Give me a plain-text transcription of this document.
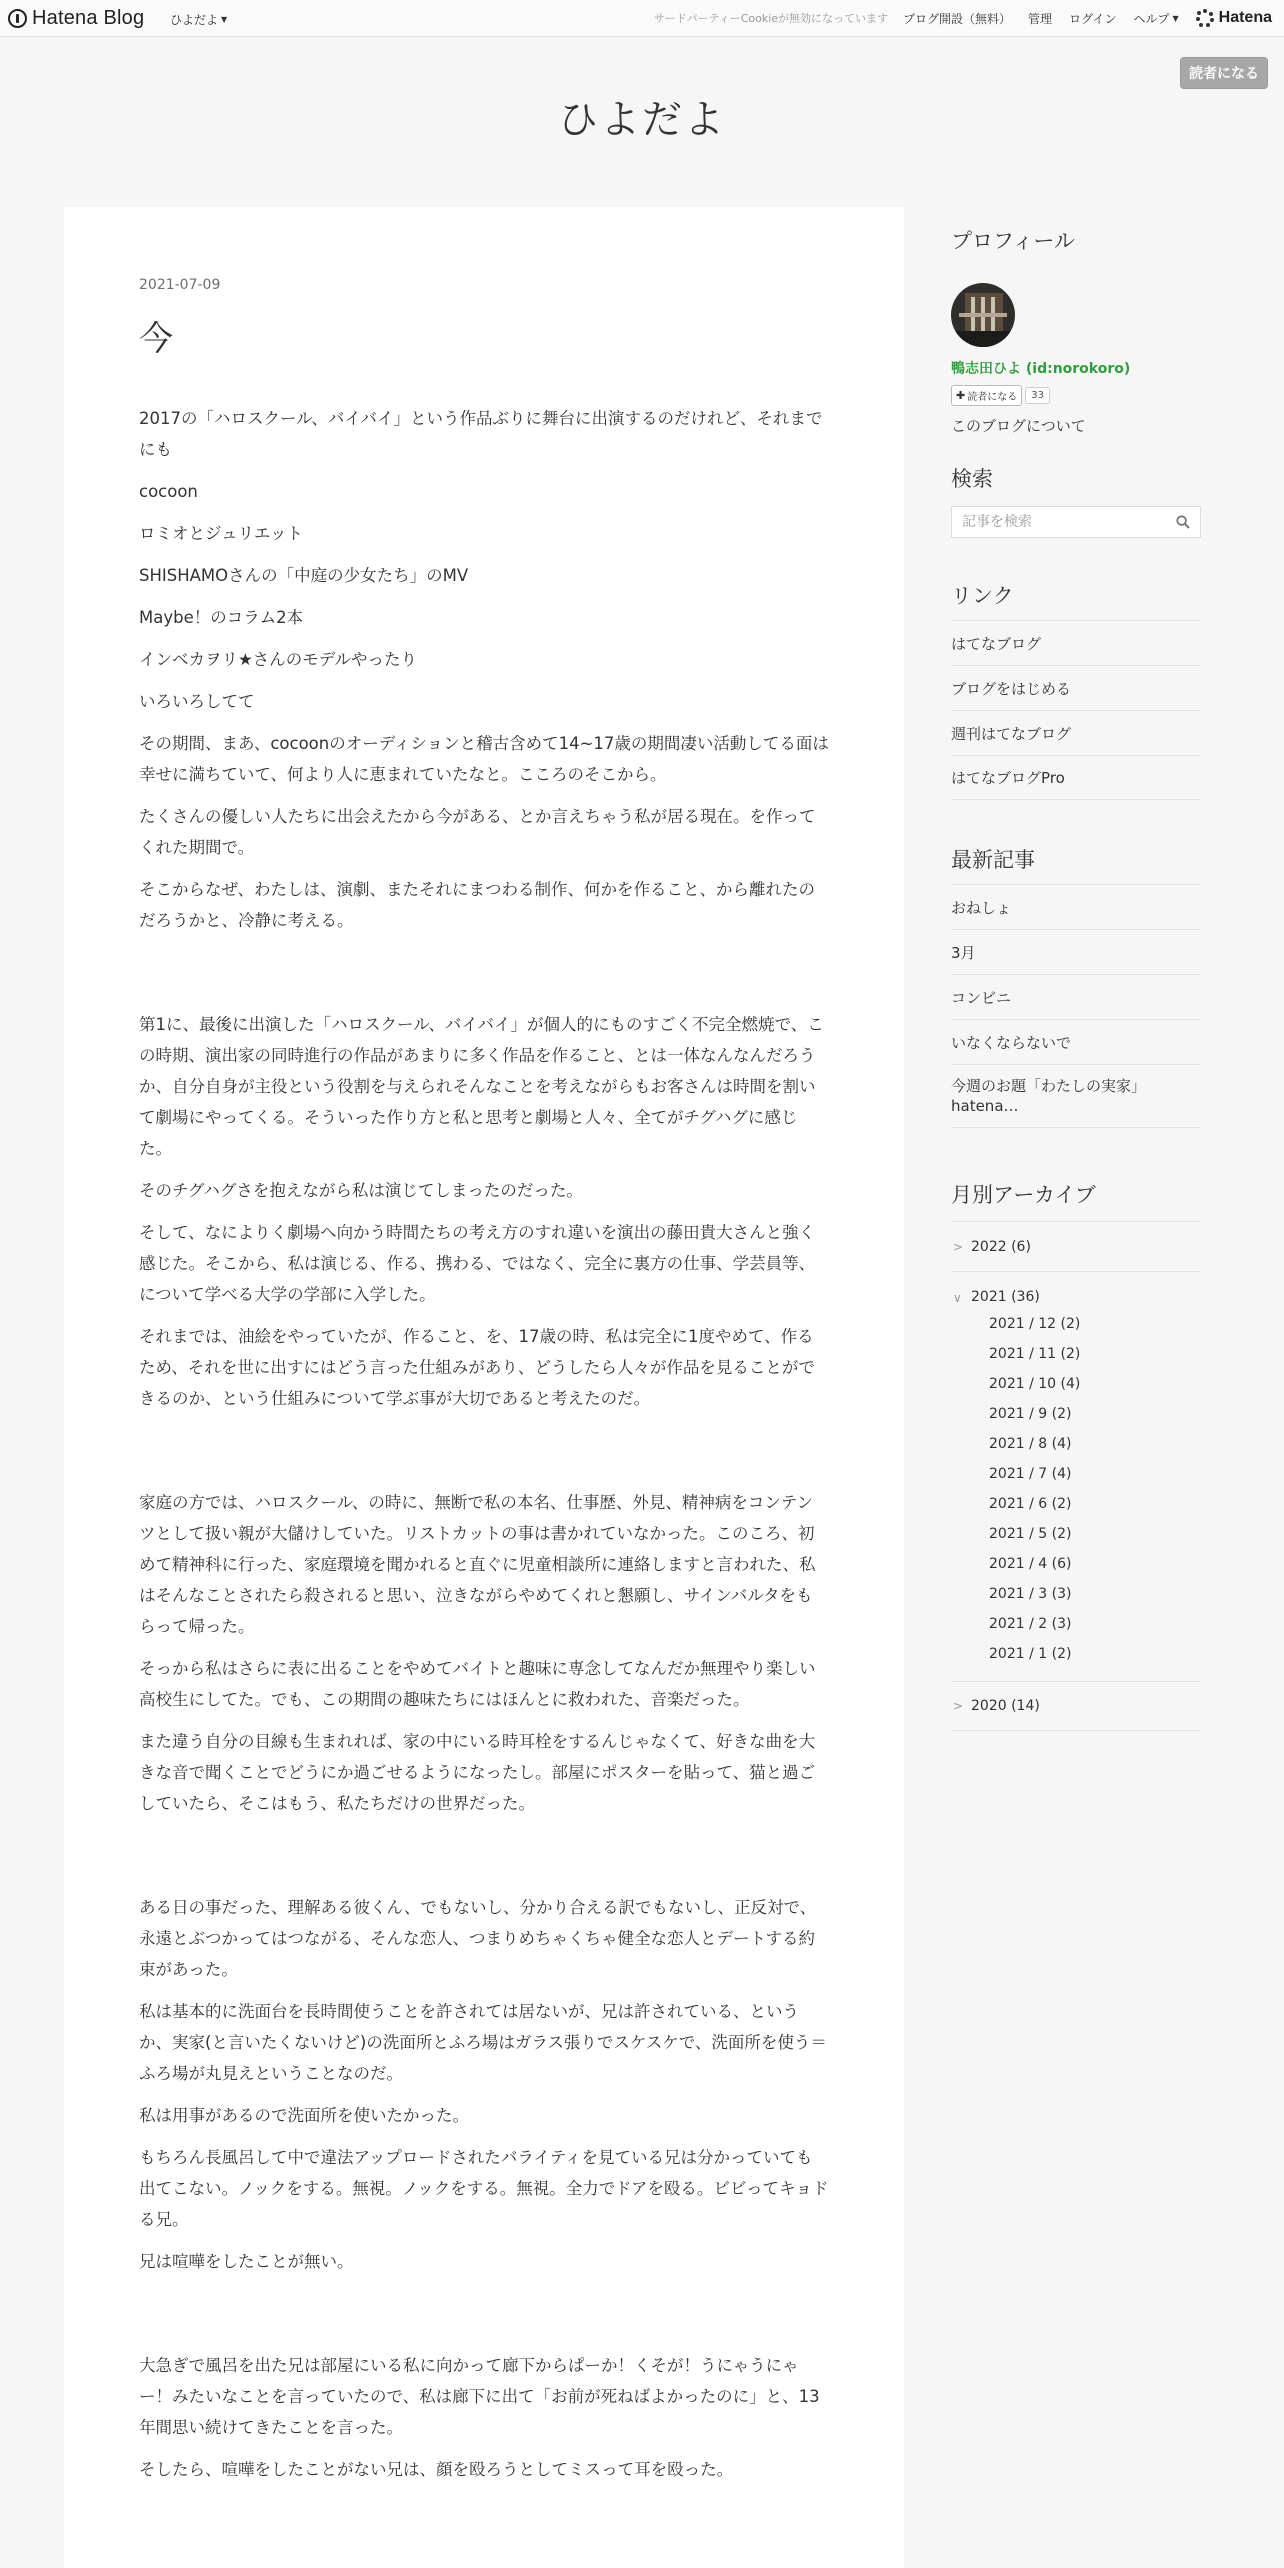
Hatena Blog ひよだよ ▼	サードパーティーCookieが無効になっています ブログ開設（無料） 管理 ログイン ヘルプ ▼	Hatena
読者になる
ひよだよ
2021-07-09
今

2017の「ハロスクール、バイバイ」という作品ぶりに舞台に出演するのだけれど、それまでにも

cocoon

ロミオとジュリエット

SHISHAMOさんの「中庭の少女たち」のMV

Maybe！のコラム2本

インベカヲリ★さんのモデルやったり

いろいろしてて

その期間、まあ、cocoonのオーディションと稽古含めて14~17歳の期間凄い活動してる面は幸せに満ちていて、何より人に恵まれていたなと。こころのそこから。

たくさんの優しい人たちに出会えたから今がある、とか言えちゃう私が居る現在。を作ってくれた期間で。

そこからなぜ、わたしは、演劇、またそれにまつわる制作、何かを作ること、から離れたのだろうかと、冷静に考える。

第1に、最後に出演した「ハロスクール、バイバイ」が個人的にものすごく不完全燃焼で、この時期、演出家の同時進行の作品があまりに多く作品を作ること、とは一体なんなんだろうか、自分自身が主役という役割を与えられそんなことを考えながらもお客さんは時間を割いて劇場にやってくる。そういった作り方と私と思考と劇場と人々、全てがチグハグに感じた。

そのチグハグさを抱えながら私は演じてしまったのだった。

そして、なによりく劇場へ向かう時間たちの考え方のすれ違いを演出の藤田貴大さんと強く感じた。そこから、私は演じる、作る、携わる、ではなく、完全に裏方の仕事、学芸員等、について学べる大学の学部に入学した。

それまでは、油絵をやっていたが、作ること、を、17歳の時、私は完全に1度やめて、作るため、それを世に出すにはどう言った仕組みがあり、どうしたら人々が作品を見ることができるのか、という仕組みについて学ぶ事が大切であると考えたのだ。

家庭の方では、ハロスクール、の時に、無断で私の本名、仕事歴、外見、精神病をコンテンツとして扱い親が大儲けしていた。リストカットの事は書かれていなかった。このころ、初めて精神科に行った、家庭環境を聞かれると直ぐに児童相談所に連絡しますと言われた、私はそんなことされたら殺されると思い、泣きながらやめてくれと懇願し、サインバルタをもらって帰った。

そっから私はさらに表に出ることをやめてバイトと趣味に専念してなんだか無理やり楽しい高校生にしてた。でも、この期間の趣味たちにはほんとに救われた、音楽だった。

また違う自分の目線も生まれれば、家の中にいる時耳栓をするんじゃなくて、好きな曲を大きな音で聞くことでどうにか過ごせるようになったし。部屋にポスターを貼って、猫と過ごしていたら、そこはもう、私たちだけの世界だった。

ある日の事だった、理解ある彼くん、でもないし、分かり合える訳でもないし、正反対で、永遠とぶつかってはつながる、そんな恋人、つまりめちゃくちゃ健全な恋人とデートする約束があった。

私は基本的に洗面台を長時間使うことを許されては居ないが、兄は許されている、というか、実家(と言いたくないけど)の洗面所とふろ場はガラス張りでスケスケで、洗面所を使う＝ふろ場が丸見えということなのだ。

私は用事があるので洗面所を使いたかった。

もちろん長風呂して中で違法アップロードされたバライティを見ている兄は分かっていても出てこない。ノックをする。無視。ノックをする。無視。全力でドアを殴る。ビビってキョドる兄。

兄は喧嘩をしたことが無い。

大急ぎで風呂を出た兄は部屋にいる私に向かって廊下からぱーか！くそが！うにゃうにゃー！みたいなことを言っていたので、私は廊下に出て「お前が死ねばよかったのに」と、13年間思い続けてきたことを言った。

そしたら、喧嘩をしたことがない兄は、顔を殴ろうとしてミスって耳を殴った。

プロフィール
鴨志田ひよ (id:norokoro)
✚ 読者になる	33
このブログについて
検索
記事を検索
リンク
はてなブログ
ブログをはじめる
週刊はてなブログ
はてなブログPro
最新記事
おねしょ
3月
コンビニ
いなくならないで
今週のお題「わたしの実家」hatena…
月別アーカイブ
> 2022 (6)
∨ 2021 (36)
2021 / 12 (2)
2021 / 11 (2)
2021 / 10 (4)
2021 / 9 (2)
2021 / 8 (4)
2021 / 7 (4)
2021 / 6 (2)
2021 / 5 (2)
2021 / 4 (6)
2021 / 3 (3)
2021 / 2 (3)
2021 / 1 (2)
> 2020 (14)
